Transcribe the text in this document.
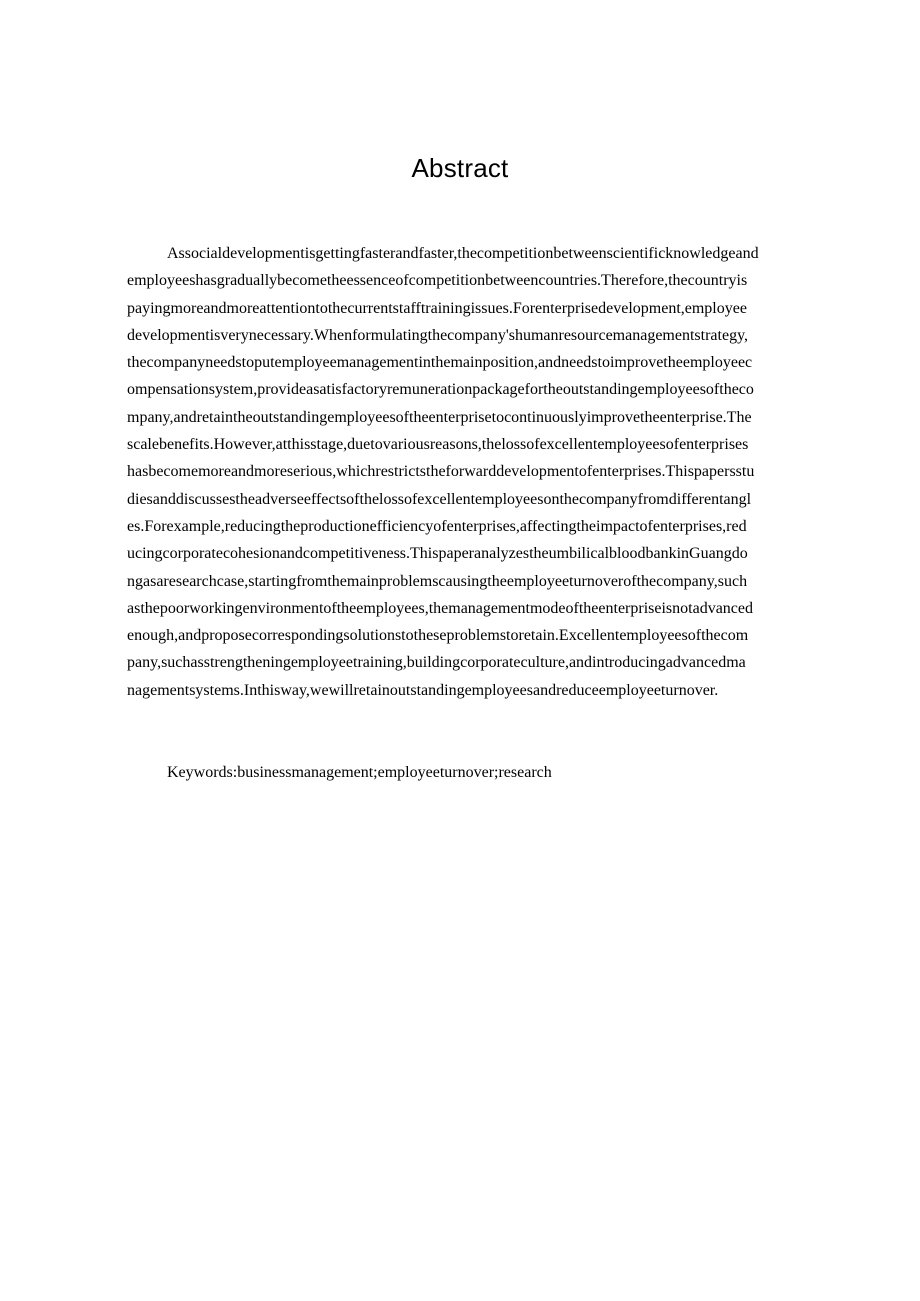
Abstract
Associaldevelopmentisgettingfasterandfaster,thecompetitionbetweenscientificknowledgeand
employeeshasgraduallybecometheessenceofcompetitionbetweencountries.Therefore,thecountryis
payingmoreandmoreattentiontothecurrentstafftrainingissues.Forenterprisedevelopment,employee
developmentisverynecessary.Whenformulatingthecompany'shumanresourcemanagementstrategy,
thecompanyneedstoputemployeemanagementinthemainposition,andneedstoimprovetheemployeec
ompensationsystem,provideasatisfactoryremunerationpackagefortheoutstandingemployeesoftheco
mpany,andretaintheoutstandingemployeesoftheenterprisetocontinuouslyimprovetheenterprise.The
scalebenefits.However,atthisstage,duetovariousreasons,thelossofexcellentemployeesofenterprises
hasbecomemoreandmoreserious,whichrestrictstheforwarddevelopmentofenterprises.Thispapersstu
diesanddiscussestheadverseeffectsofthelossofexcellentemployeesonthecompanyfromdifferentangl
es.Forexample,reducingtheproductionefficiencyofenterprises,affectingtheimpactofenterprises,red
ucingcorporatecohesionandcompetitiveness.ThispaperanalyzestheumbilicalbloodbankinGuangdo
ngasaresearchcase,startingfromthemainproblemscausingtheemployeeturnoverofthecompany,such
asthepoorworkingenvironmentoftheemployees,themanagementmodeoftheenterpriseisnotadvanced
enough,andproposecorrespondingsolutionstotheseproblemstoretain.Excellentemployeesofthecom
pany,suchasstrengtheningemployeetraining,buildingcorporateculture,andintroducingadvancedma
nagementsystems.Inthisway,wewillretainoutstandingemployeesandreduceemployeeturnover.
Keywords:businessmanagement;employeeturnover;research
